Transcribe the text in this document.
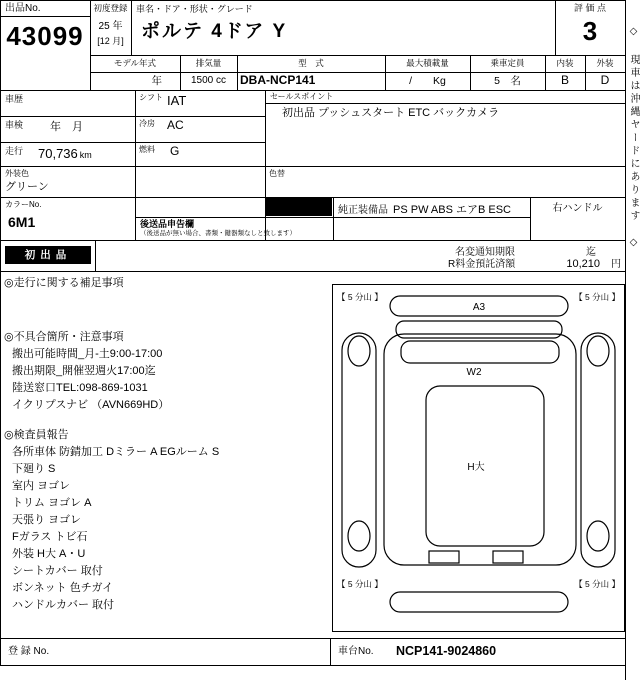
出品No.
43099
初度登録
25 年
[12 月]
車名・ドア・形状・グレード
ポルテ 4ドア Y
評 価 点
3
モデル年式	排気量	型　式	最大積載量	乗車定員	内装	外装
年	1500 cc	DBA-NCP141	/　　Kg	5　名	B	D
車歴	シフト IAT
車検 年　月	冷房 AC
走行 70,736 km
燃料 G
セールスポイント
初出品 プッシュスタート ETC バックカメラ
外装色
グリーン
色替
純正装備品 PS PW ABS エアB ESC	右ハンドル
カラーNo.
6M1	後送品申告欄
（後送品が無い場合、書類・鍵器類なしと致します）
初出品	名変通知期限	迄
R料金預託済額	10,210 円
◎走行に関する補足事項
◎不具合箇所・注意事項
搬出可能時間_月-土9:00-17:00
搬出期限_開催翌週火17:00迄
陸送窓口TEL:098-869-1031
イクリプスナビ （AVN669HD）
◎検査員報告
各所車体 防錆加工 Dミラー A EGルーム S
下廻り S
室内 ヨゴレ
トリム ヨゴレ A
天張り ヨゴレ
Fガラス トビ石
外装 H大 A・U
シートカバー 取付
ボンネット 色チガイ
ハンドルカバー 取付
【 5 分山 】	【 5 分山 】
【 5 分山 】	【 5 分山 】
A3
W2
H大
登 録 No.	車台No. NCP141-9024860
◇ 現車は沖縄ヤードにあります ◇
